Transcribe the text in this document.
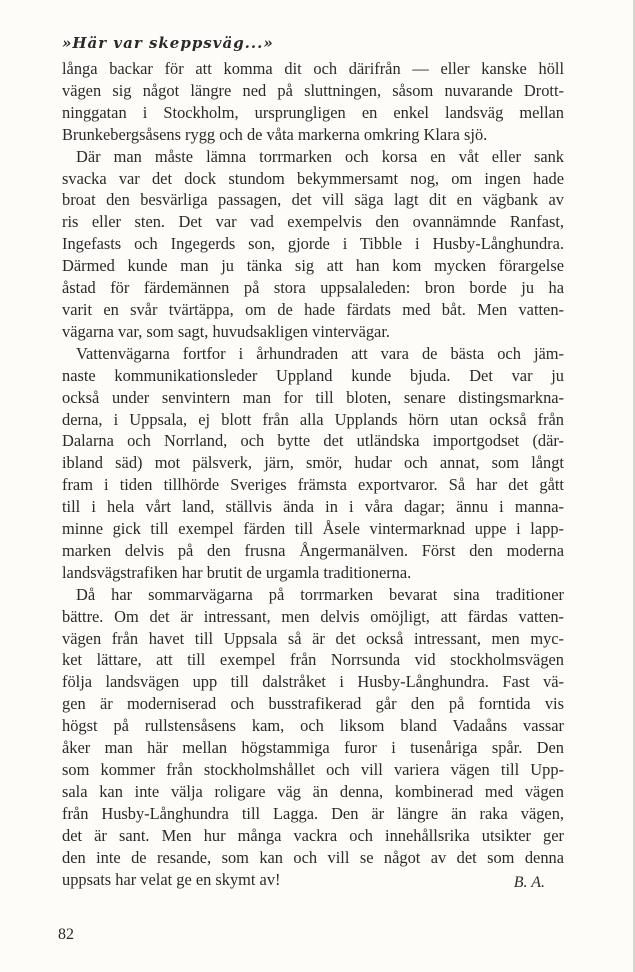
»Här var skeppsväg...»

långa backar för att komma dit och därifrån — eller kanske höll
vägen sig något längre ned på sluttningen, såsom nuvarande Drott-
ninggatan i Stockholm, ursprungligen en enkel landsväg mellan
Brunkebergsåsens rygg och de våta markerna omkring Klara sjö.

Där man måste lämna torrmarken och korsa en våt eller sank
svacka var det dock stundom bekymmersamt nog, om ingen hade
broat den besvärliga passagen, det vill säga lagt dit en vägbank av
ris eller sten. Det var vad exempelvis den ovannämnde Ranfast,
Ingefasts och Ingegerds son, gjorde i Tibble i Husby-Långhundra.
Därmed kunde man ju tänka sig att han kom mycken förargelse
åstad för färdemännen på stora uppsalaleden: bron borde ju ha
varit en svår tvärtäppa, om de hade färdats med båt. Men vatten-
vägarna var, som sagt, huvudsakligen vintervägar.

Vattenvägarna fortfor i århundraden att vara de bästa och jäm-
naste kommunikationsleder Uppland kunde bjuda. Det var ju
också under senvintern man for till bloten, senare distingsmarkna-
derna, i Uppsala, ej blott från alla Upplands hörn utan också från
Dalarna och Norrland, och bytte det utländska importgodset (där-
ibland säd) mot pälsverk, järn, smör, hudar och annat, som långt
fram i tiden tillhörde Sveriges främsta exportvaror. Så har det gått
till i hela vårt land, ställvis ända in i våra dagar; ännu i manna-
minne gick till exempel färden till Åsele vintermarknad uppe i lapp-
marken delvis på den frusna Ångermanälven. Först den moderna
landsvägstrafiken har brutit de urgamla traditionerna.

Då har sommarvägarna på torrmarken bevarat sina traditioner
bättre. Om det är intressant, men delvis omöjligt, att färdas vatten-
vägen från havet till Uppsala så är det också intressant, men myc-
ket lättare, att till exempel från Norrsunda vid stockholmsvägen
följa landsvägen upp till dalstråket i Husby-Långhundra. Fast vä-
gen är moderniserad och busstrafikerad går den på forntida vis
högst på rullstensåsens kam, och liksom bland Vadaåns vassar
åker man här mellan högstammiga furor i tusenåriga spår. Den
som kommer från stockholmshållet och vill variera vägen till Upp-
sala kan inte välja roligare väg än denna, kombinerad med vägen
från Husby-Långhundra till Lagga. Den är längre än raka vägen,
det är sant. Men hur många vackra och innehållsrika utsikter ger
den inte de resande, som kan och vill se något av det som denna
uppsats har velat ge en skymt av!	B. A.
82
